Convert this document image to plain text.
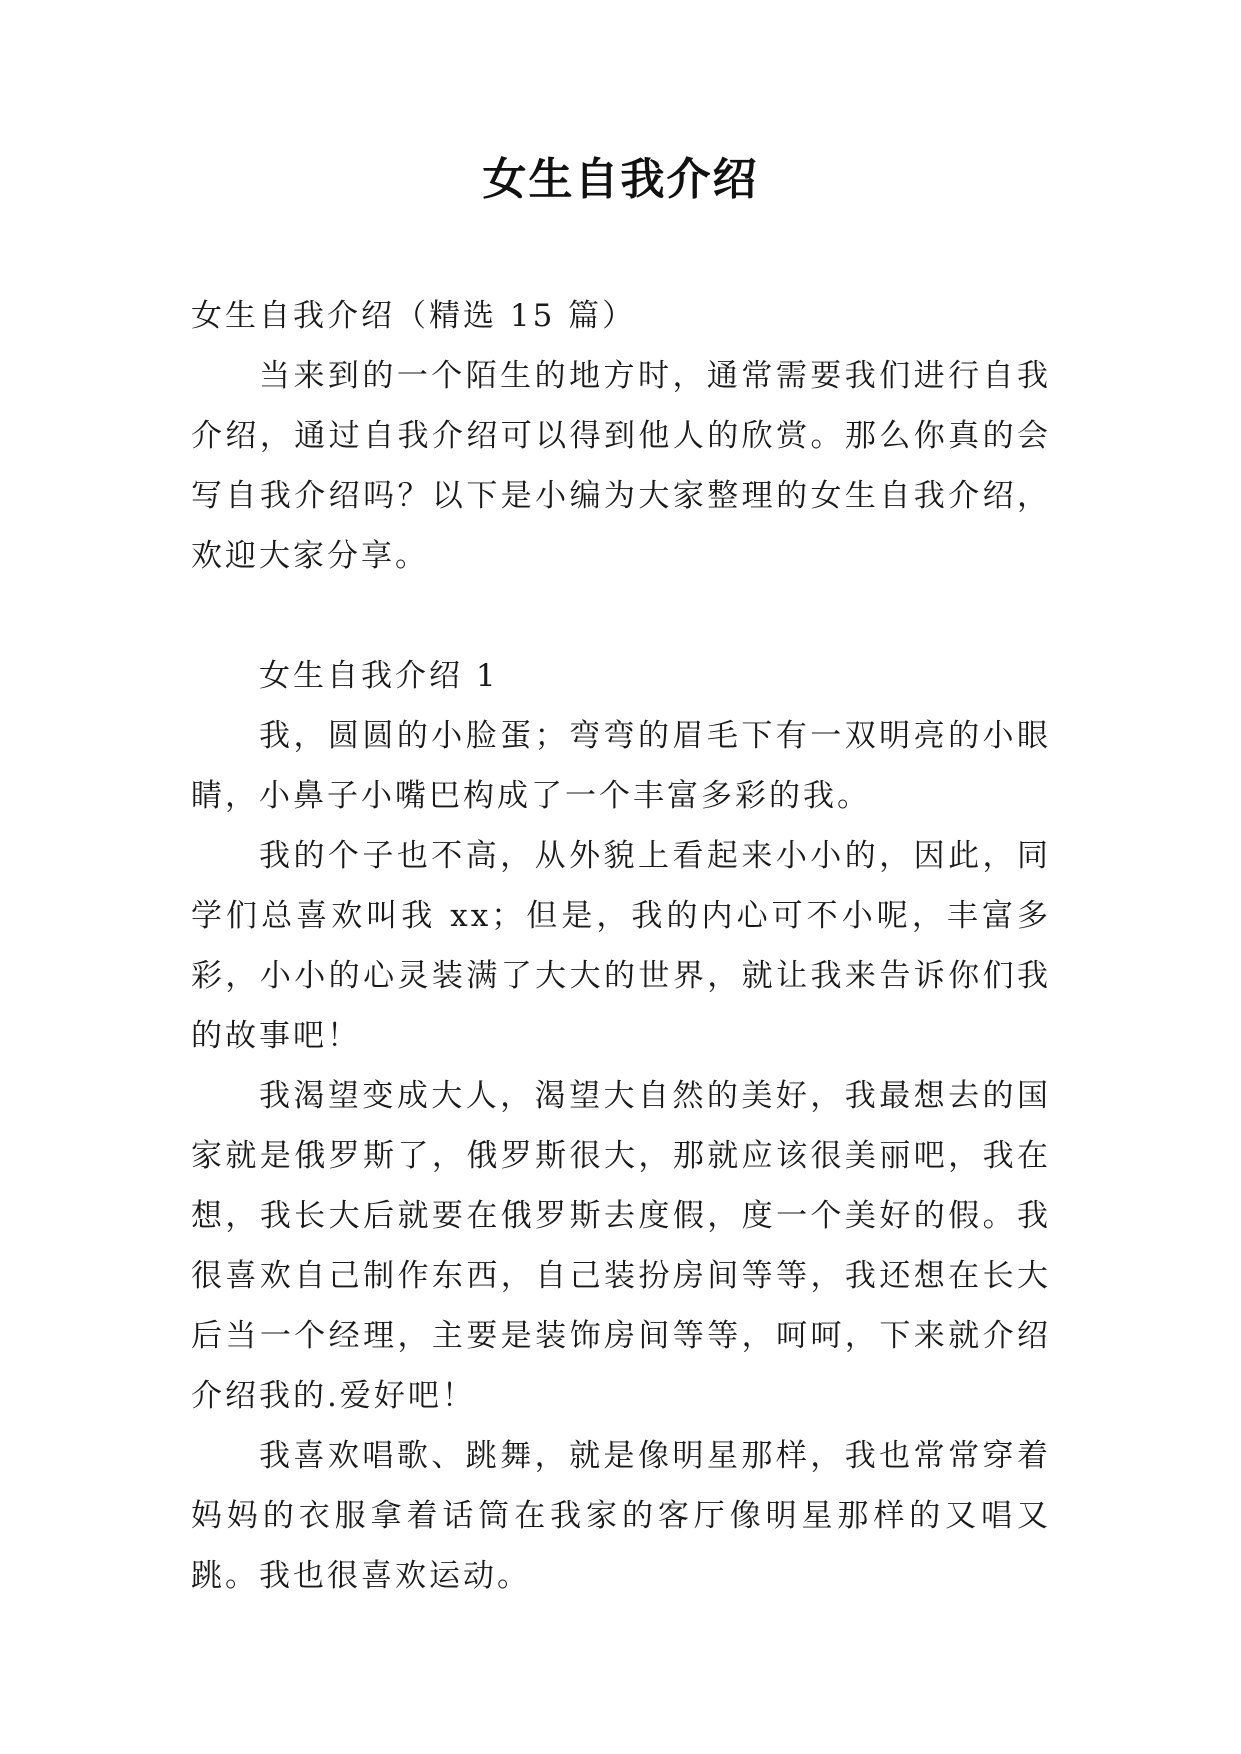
女生自我介绍

女生自我介绍（精选 15 篇）

当来到的一个陌生的地方时，通常需要我们进行自我介绍，通过自我介绍可以得到他人的欣赏。那么你真的会写自我介绍吗？以下是小编为大家整理的女生自我介绍，欢迎大家分享。

女生自我介绍 1

我，圆圆的小脸蛋；弯弯的眉毛下有一双明亮的小眼睛，小鼻子小嘴巴构成了一个丰富多彩的我。

我的个子也不高，从外貌上看起来小小的，因此，同学们总喜欢叫我 xx；但是，我的内心可不小呢，丰富多彩，小小的心灵装满了大大的世界，就让我来告诉你们我的故事吧！

我渴望变成大人，渴望大自然的美好，我最想去的国家就是俄罗斯了，俄罗斯很大，那就应该很美丽吧，我在想，我长大后就要在俄罗斯去度假，度一个美好的假。我很喜欢自己制作东西，自己装扮房间等等，我还想在长大后当一个经理，主要是装饰房间等等，呵呵，下来就介绍介绍我的.爱好吧！

我喜欢唱歌、跳舞，就是像明星那样，我也常常穿着妈妈的衣服拿着话筒在我家的客厅像明星那样的又唱又跳。我也很喜欢运动。
